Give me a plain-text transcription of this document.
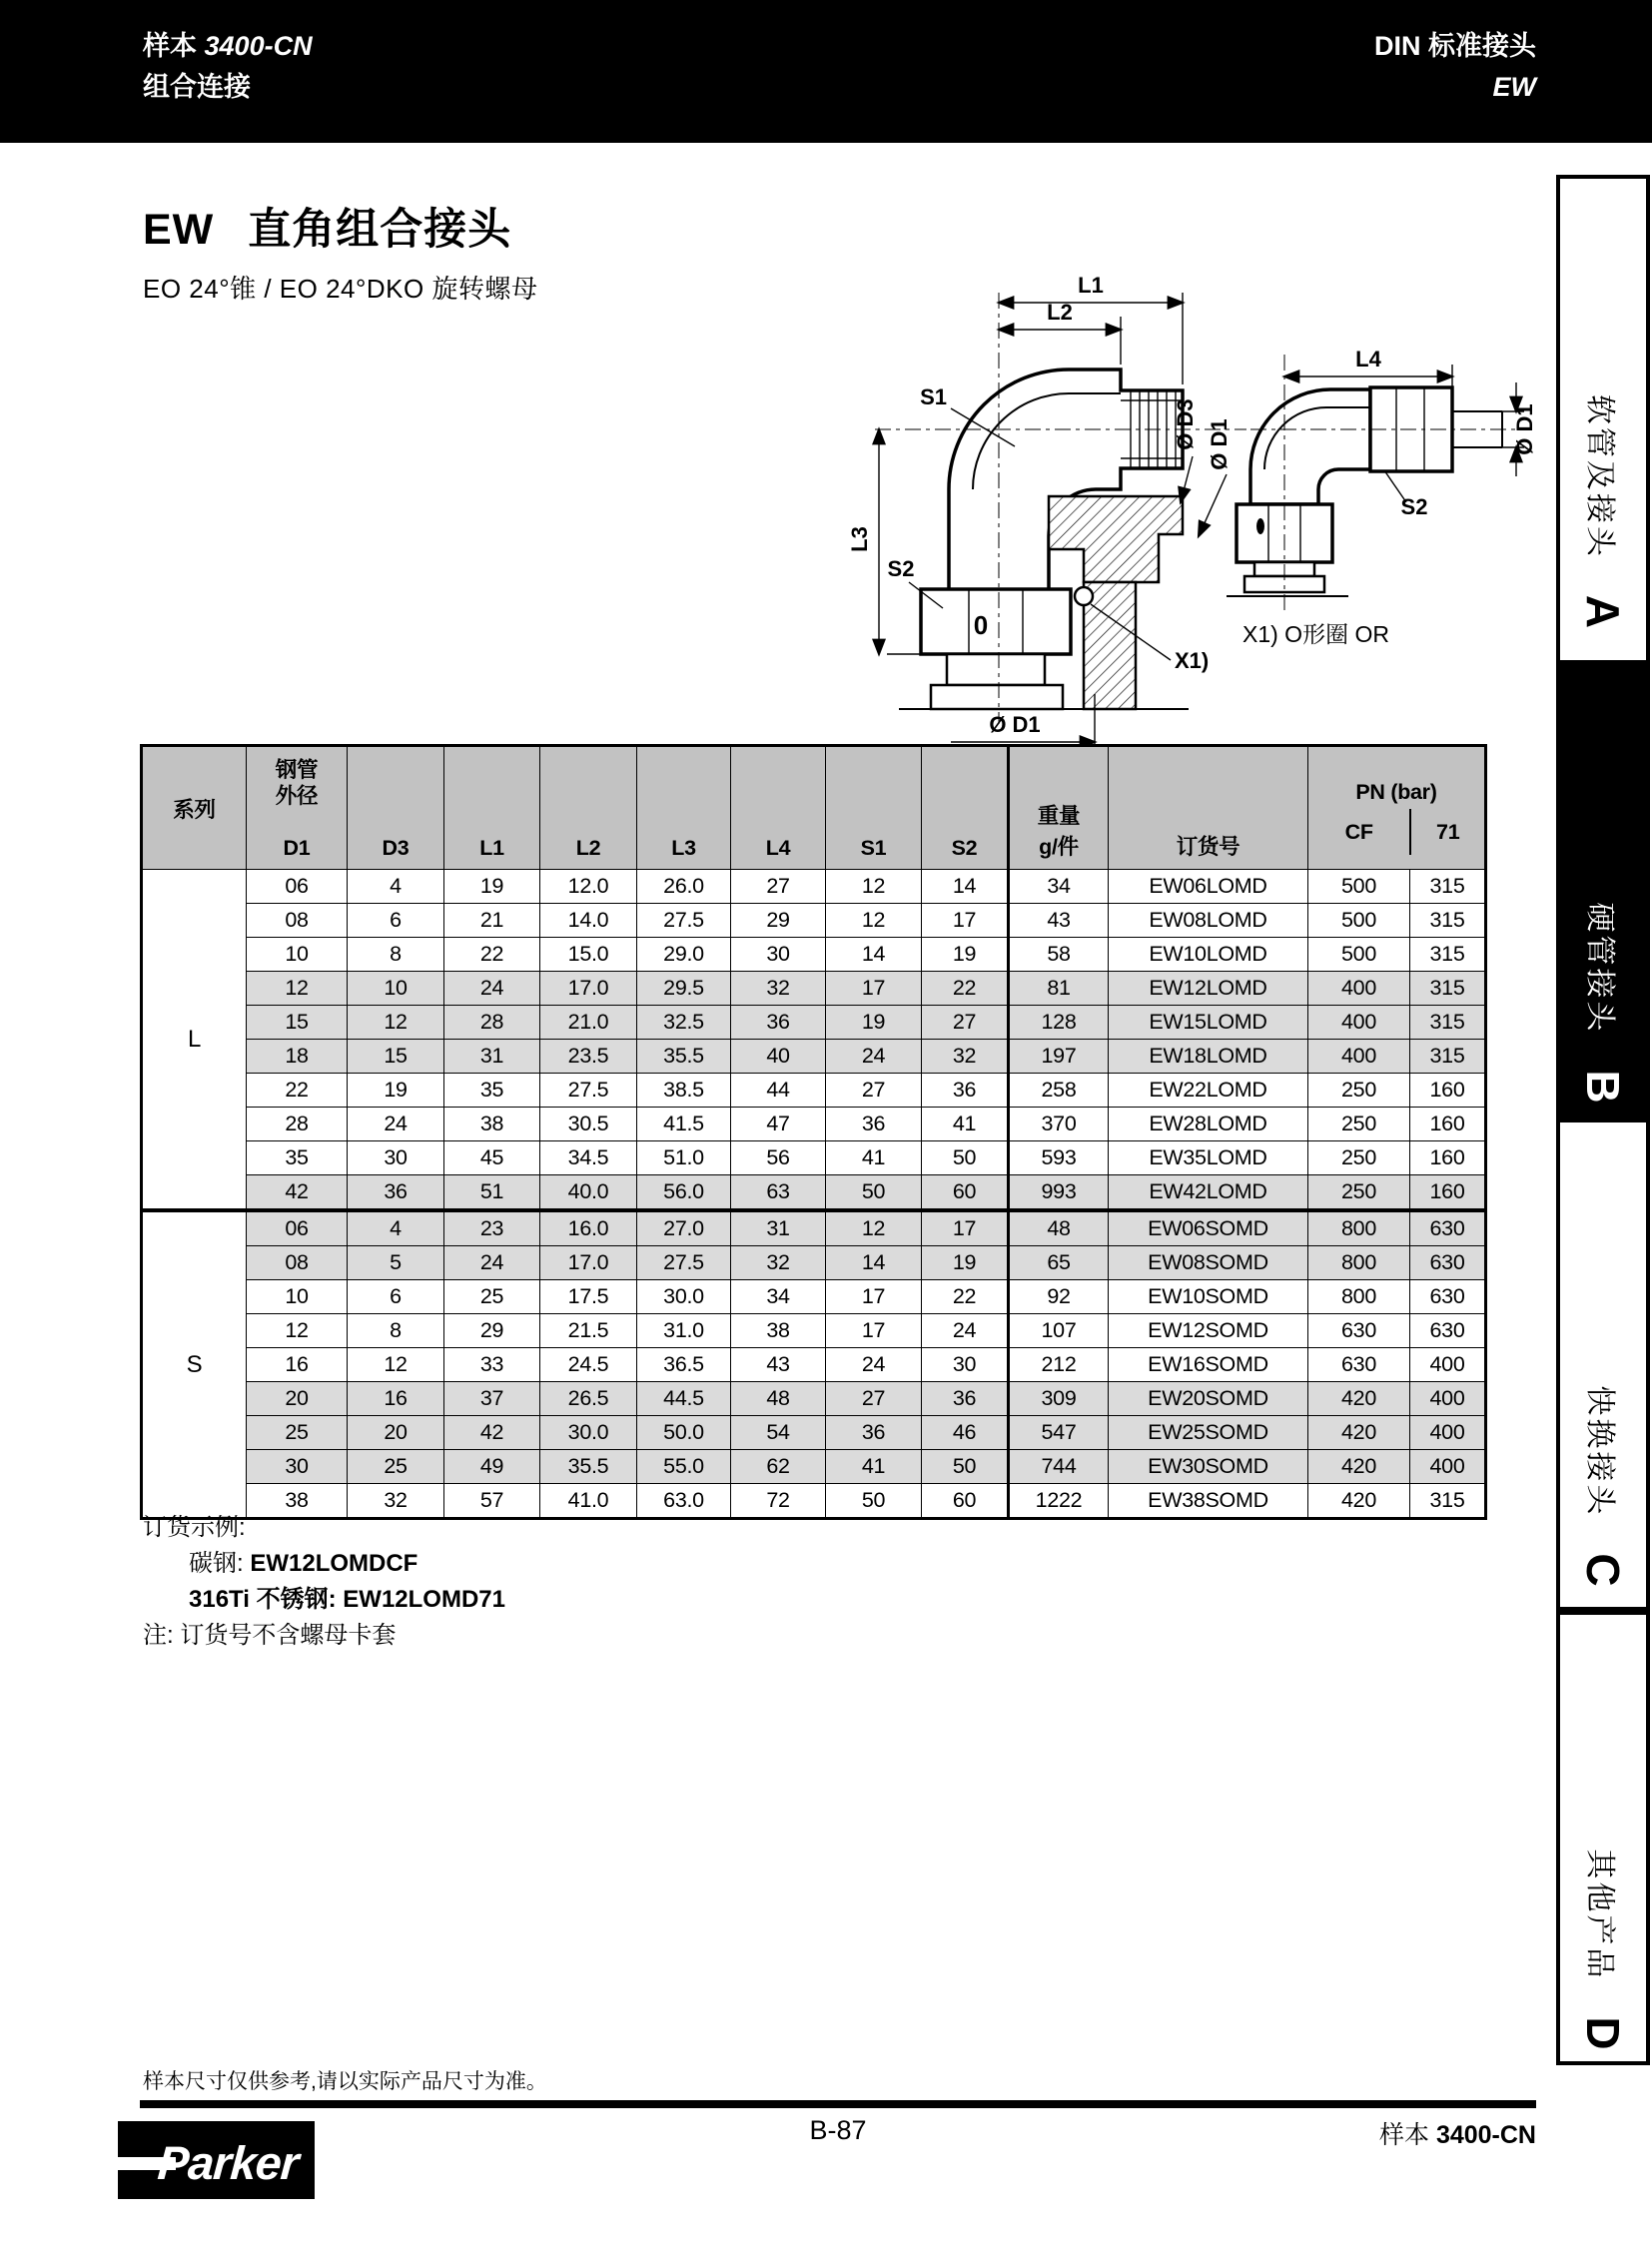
样本 3400-CN
组合连接
DIN 标准接头
EW
EW 直角组合接头
EO 24°锥 / EO 24°DKO 旋转螺母
0
L1
L2
S1
Ø D3 Ø D1
L3
S2
X1)
Ø D1
L4
Ø D1
S2
X1) O形圈 OR
系列	
钢管
外径
D1	D3	L1	L2	L3	L4	S1	S2	
重量
g/件	订货号	
PN (bar)
CF	71

L	06	4	19	12.0	26.0	27	12	14	34	EW06LOMD	500	315
	08	6	21	14.0	27.5	29	12	17	43	EW08LOMD	500	315
	10	8	22	15.0	29.0	30	14	19	58	EW10LOMD	500	315
	12	10	24	17.0	29.5	32	17	22	81	EW12LOMD	400	315
	15	12	28	21.0	32.5	36	19	27	128	EW15LOMD	400	315
	18	15	31	23.5	35.5	40	24	32	197	EW18LOMD	400	315
	22	19	35	27.5	38.5	44	27	36	258	EW22LOMD	250	160
	28	24	38	30.5	41.5	47	36	41	370	EW28LOMD	250	160
	35	30	45	34.5	51.0	56	41	50	593	EW35LOMD	250	160
	42	36	51	40.0	56.0	63	50	60	993	EW42LOMD	250	160
S	06	4	23	16.0	27.0	31	12	17	48	EW06SOMD	800	630
	08	5	24	17.0	27.5	32	14	19	65	EW08SOMD	800	630
	10	6	25	17.5	30.0	34	17	22	92	EW10SOMD	800	630
	12	8	29	21.5	31.0	38	17	24	107	EW12SOMD	630	630
	16	12	33	24.5	36.5	43	24	30	212	EW16SOMD	630	400
	20	16	37	26.5	44.5	48	27	36	309	EW20SOMD	420	400
	25	20	42	30.0	50.0	54	36	46	547	EW25SOMD	420	400
	30	25	49	35.5	55.0	62	41	50	744	EW30SOMD	420	400
	38	32	57	41.0	63.0	72	50	60	1222	EW38SOMD	420	315
订货示例:
碳钢: EW12LOMDCF
316Ti 不锈钢: EW12LOMD71
注: 订货号不含螺母卡套
软管及接头
A
硬管接头
B
快换接头
C
其他产品
D
样本尺寸仅供参考,请以实际产品尺寸为准。
B-87	样本 3400-CN
Parker
